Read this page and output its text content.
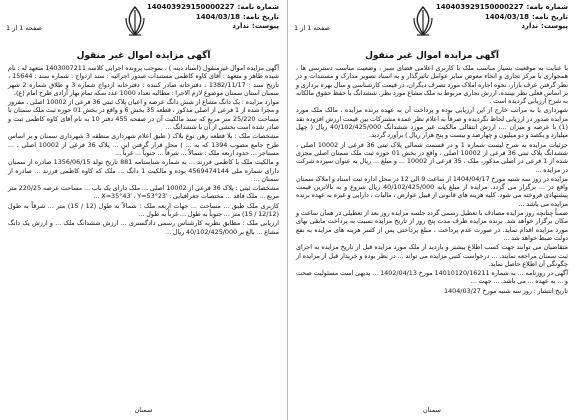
شماره نامه:
140403929150000227
تاریخ نامه:
1404/03/18
پیوست:
ندارد
صفحه 1 از 1
آگهی مزایده اموال غیر منقول

با عنایت به موقعیت بسیار مناسب ملک با کاربری اعلامی فضای سبز ، وضعیت مناسب دسترسی ها ، همجواری با مرکز تجاری و انحاء معوض سایر عوامل تاثیرگذار و به اسناد تصویر مدارک و مستندات و در نظر گرفتن عرف بازار، نحوه اجاره املاک مورد تصرف دیگران، در قیمت کارشناسی و سال بهره برداری و بر اساس فعلی نظر بیننده، ارزش تجاری مربوط به ملک مشاع مورد نظر، ششدانگ با حفظ حقوق مالکانه به شرح ارزیابی گردیده است .

شهرداری یا به مراتب خارج از این ارزیابی بوده و پرداخت آن به عهده برنده مزایده ، مالک ملک مورد مزایده صدور در ارزیابی لحاظ نگردیده و صرفاً به اعلام نظر عمده مشترکات بین قیمت ارزش افزوده نقد (1) با عرصه و میزان ...، ارزش انتقالی مالکیت غیر مورد ششدانگ 40/102/425/000 ریال ( چهل میلیارد و یکصد و دو میلیون و چهارصد و بیست و پنج هزار ریال ) برآورد گردید.

جزئیات مزایده به شرح لیست شماره 1 و در قسمت شمالی پلاک ثبتی 36 فرعی از 10002 اصلی ، ششدانگ پلاک ثبتی 36 فرعی از 10002 اصلی ، واقع در بخش 01 حوزه ثبت ملک سمنان اصلی مجزی شده از 1 فرعی در اصلی مذکور، ملک ، 35 فرعی از 10002 ... و مبلغ ... ریال به عنوان سپرده شرکت در مزایده ...

مزایده در روز سه شنبه مورخ 1404/04/17 از ساعت 9 الی 12 در محل اداره ثبت اسناد و املاک سمنان واقع در ... برگزار می گردد. مزایده از مبلغ پایه 40/102/425/000 ریال شروع و به بالاترین قیمت پیشنهادی فروخته می شود. کلیه هزینه های قانونی از قبیل عوارض ، مالیات ، دارایی و غیره به عهده برنده مزایده می باشد ...

ضمناً چنانچه روز مزایده مصادف با تعطیل رسمی گردد جلسه مزایده روز بعد از تعطیلی در همان ساعت و مکان برگزار خواهد شد. برنده مزایده ظرف مدت پنج روز از تاریخ مزایده نسبت به پرداخت مابقی بهای مورد مزایده اقدام نماید. در صورت عدم پرداخت ، مبلغ پرداختی پس از کسر هزینه های مزایده به نفع دولت ضبط خواهد شد ...

متقاضیان می توانند جهت کسب اطلاع بیشتر و بازدید از ملک مورد مزایده قبل از تاریخ مزایده به اجرای ثبت سمنان مراجعه نمایند. ... درخواست کتبی مزایده می تواند ... در نظر بوده و خریدار قبل از مزایده از چگونگی آن اطلاع حاصل نماید.

آگهی در روزنامه ... به شماره 14010120/16211 مورخ 1402/04/13 ... بدیهی است مسئولیت صحت و ... به عهده ... می باشد. ... جهت ...

تاریخ انتشار : روز سه شنبه مورخ 1404/03/27

سمنان
شماره نامه:
140403929150000227
تاریخ نامه:
1404/03/18
پیوست:
ندارد
صفحه 1 از 1
آگهی مزایده اموال غیر منقول

آگهی مزایده اموال غیرمنقول (اسناد دینه ) ، بموجب پرونده اجرایی کلاسه 1403007211 متعهد له : نام شیده طاهر و متعهد : آقای کاوه کاظمی مستندات صدور اجرائیه : سند ازدواج : شماره سند : 15644 ، تاریخ سند : 1382/11/17 ، دفترخانه صادر کننده : دفترخانه ازدواج شماره 3 و طلاق شماره 2 شهر سمنان استان سمنان موضوع لازم الاجرا : مطالبه تعداد 1000 عدد سکه تمام بهار آزادی طرح امام (ع)،

موارد مزایده : یک دانگ مشاع از شش دانگ عرصه و اعیان پلاک ثبتی 36 فرعی از 10002 اصلی ، مفروز و مجزا شده از 1 فرعی از اصلی مذکور ، قطعه 35 بخش 6 و واقع در بخش 01 حوزه ثبت ملک سمنان با مساحت 25/220 متر مربع که سند مالکیت آن در صفحه 455 دفتر 10 به نام آقای کاوه کاظمی ثبت و صادر شده است بخشی از آن با ششدانگ ...

مشخصات ملک : بلا قطعه رهن نوع بلاک ( طبق اعلام شهرداری منطقه 3 شهرداری سمنان و بر اساس طرح جامع مصوب 1394 که به ... ) محل قرار گرفتن این ... پلاک 36 فرعی از 10002 اصلی ، ... مستاجر ... حدود اربعه ملک : شمالاً ... شرقاً ... جنوباً ... غرباً ...

و مالکیت ملک با کاظمی فرزند ... به شماره شناسنامه 881 تاریخ تولد 1356/06/15 صادره از سمنان دارای شماره ملی 4569474144 بوده و مالکیت 1 دانگ ... ملک که کاوه کاظمی فرزند ... صادره از سمنان ...

مشخصات ثبتی : پلاک 36 فرعی از 10002 اصلی ... ملک دارای یک باب ... مساحت عرصه 220/25 متر مربع ... ملک فاقد ... مختصات جغرافیایی : X=35°43′ ، Y=53°23′ ...

کاربری ملک طبق ... مساحت ... جهات اربعه ملک : شمالاً به طول (12 / 15) متر ... شرقاً به طول (12/12 / 15) متر ... جنوباً به طول ... غرباً به طول ...

ارزیابی ملک : مطابق نظریه کارشناس رسمی دادگستری ... ارزش ششدانگ ملک ... و ارزش یک دانگ مشاع ... بالغ بر 40/102/425/000 ریال ...

سمنان
